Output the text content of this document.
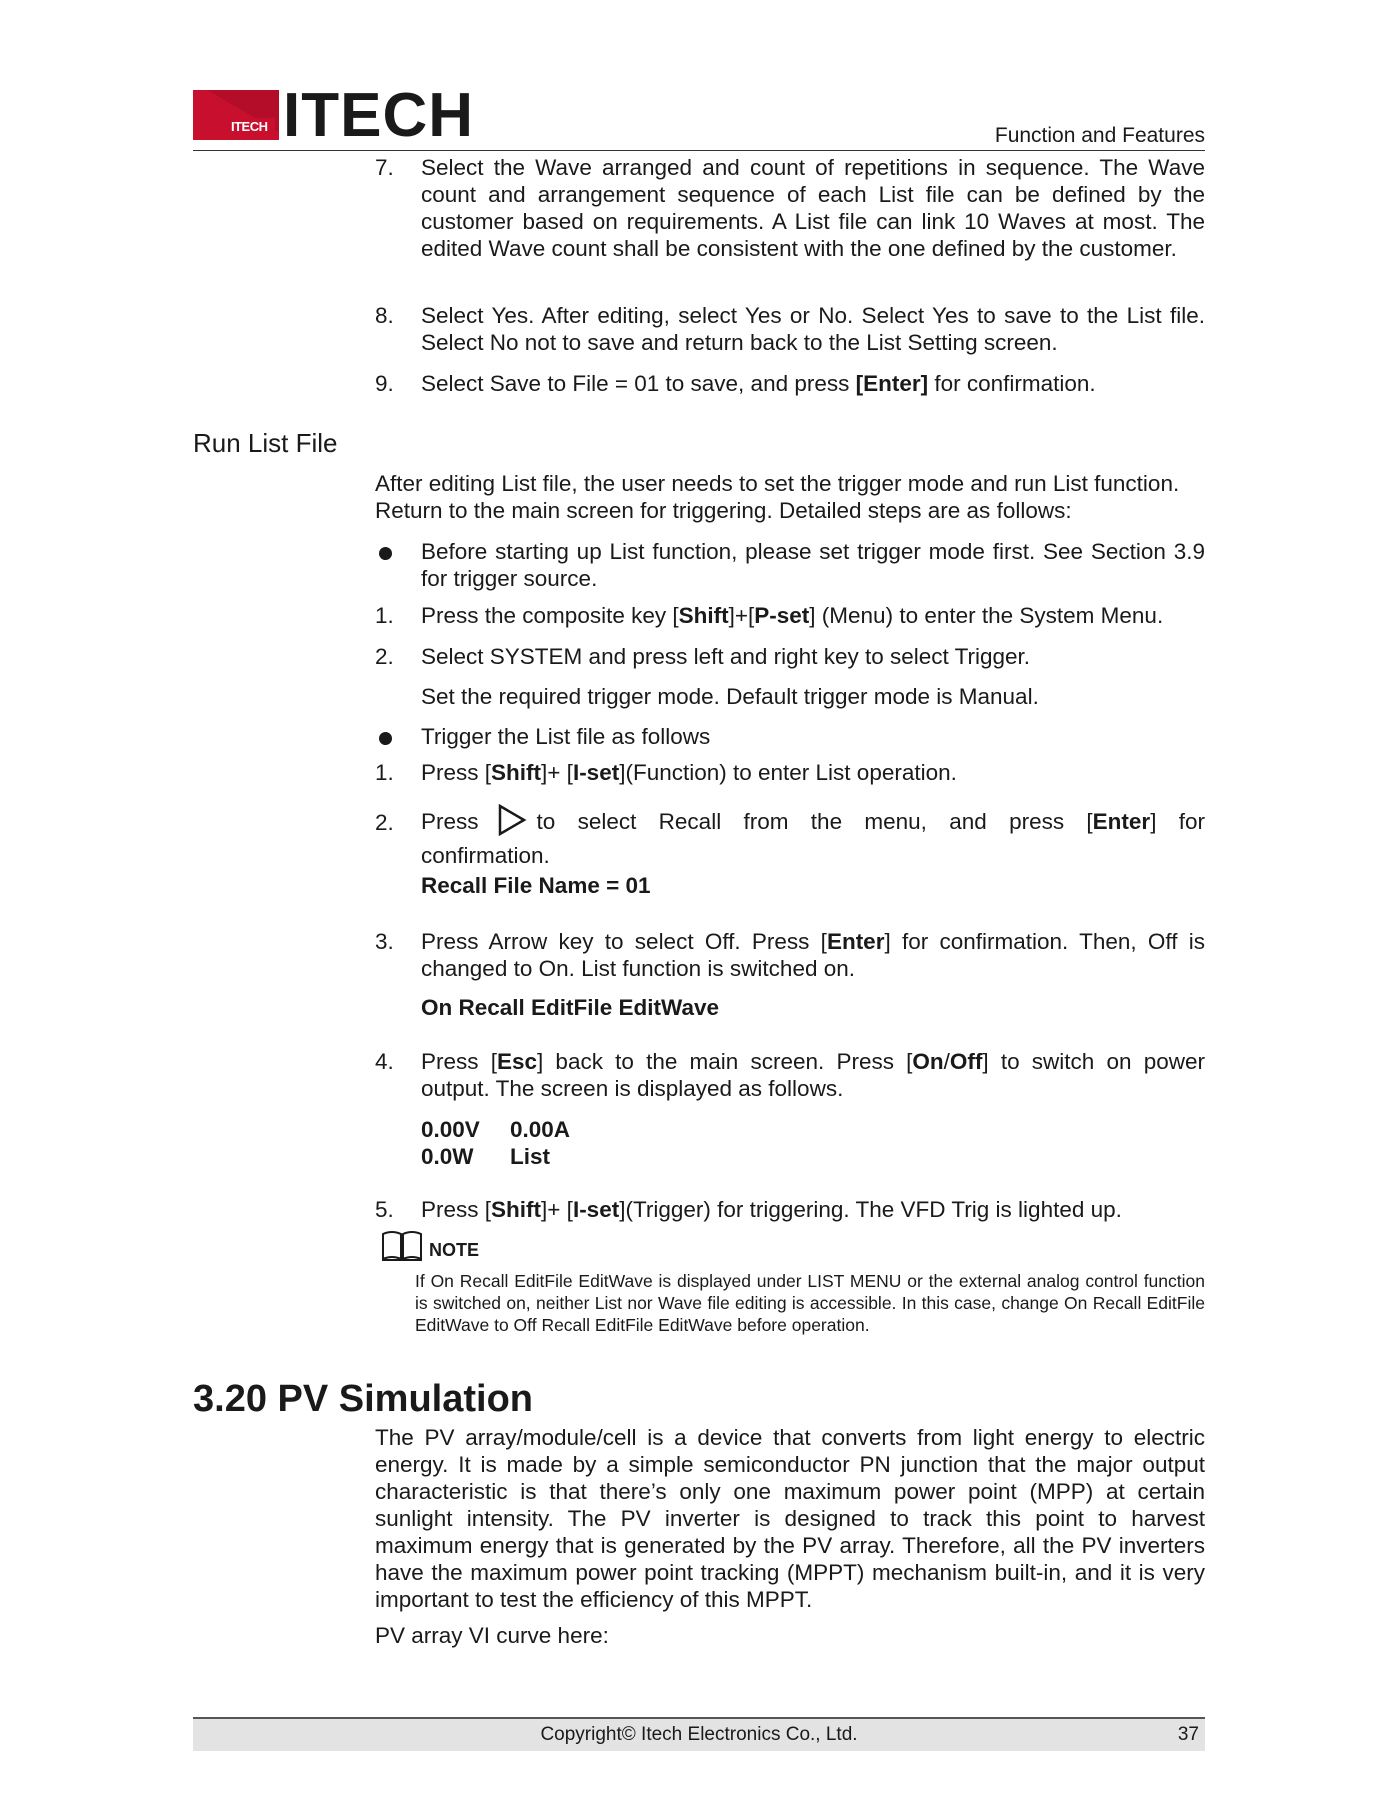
ITECH ITECH	Function and Features
7.	Select the Wave arranged and count of repetitions in sequence. The Wave count and arrangement sequence of each List file can be defined by the customer based on requirements. A List file can link 10 Waves at most. The edited Wave count shall be consistent with the one defined by the customer.
8.	Select Yes. After editing, select Yes or No. Select Yes to save to the List file. Select No not to save and return back to the List Setting screen.
9.	Select Save to File = 01 to save, and press [Enter] for confirmation.
Run List File
After editing List file, the user needs to set the trigger mode and run List function. Return to the main screen for triggering. Detailed steps are as follows:
Before starting up List function, please set trigger mode first. See Section 3.9 for trigger source.
1.	Press the composite key [Shift]+[P-set] (Menu) to enter the System Menu.
2.	Select SYSTEM and press left and right key to select Trigger.
Set the required trigger mode. Default trigger mode is Manual.
Trigger the List file as follows
1.	Press [Shift]+ [I-set](Function) to enter List operation.
2.	Press	to select Recall from the menu, and press [Enter] for confirmation.
Recall File Name = 01
3.	Press Arrow key to select Off. Press [Enter] for confirmation. Then, Off is changed to On. List function is switched on.
On Recall EditFile EditWave
4.	Press [Esc] back to the main screen. Press [On/Off] to switch on power output. The screen is displayed as follows.
0.00V 0.00A
0.0W List
5.	Press [Shift]+ [I-set](Trigger) for triggering. The VFD Trig is lighted up.
NOTE
If On Recall EditFile EditWave is displayed under LIST MENU or the external analog control function is switched on, neither List nor Wave file editing is accessible. In this case, change On Recall EditFile EditWave to Off Recall EditFile EditWave before operation.
3.20 PV Simulation
The PV array/module/cell is a device that converts from light energy to electric energy. It is made by a simple semiconductor PN junction that the major output characteristic is that there’s only one maximum power point (MPP) at certain sunlight intensity. The PV inverter is designed to track this point to harvest maximum energy that is generated by the PV array. Therefore, all the PV inverters have the maximum power point tracking (MPPT) mechanism built-in, and it is very important to test the efficiency of this MPPT.
PV array VI curve here:
Copyright© Itech Electronics Co., Ltd.	37
